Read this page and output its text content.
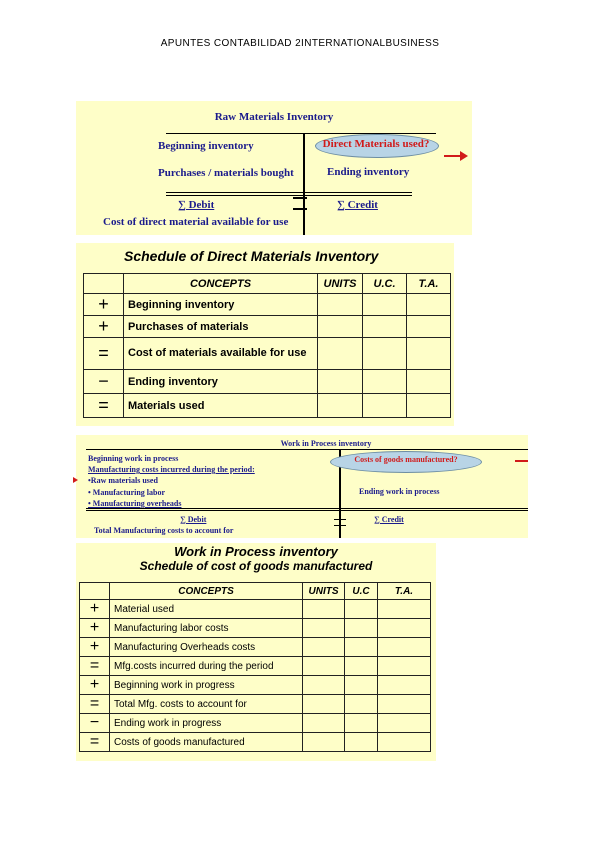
APUNTES CONTABILIDAD 2INTERNATIONALBUSINESS
Raw Materials Inventory
Beginning inventory
Purchases / materials bought
Direct Materials used?
Ending inventory
∑ Debit	∑ Credit
Cost of direct material available for use
Schedule of Direct Materials Inventory
	CONCEPTS	UNITS	U.C.	T.A.
+	Beginning inventory			
+	Purchases of materials			
=	Cost of materials available for use			
−	Ending inventory			
=	Materials used			
Work in Process inventory
Beginning work in process
Manufacturing costs incurred during the period:
•Raw materials used
• Manufacturing labor
• Manufacturing overheads
Costs of goods manufactured?
Ending work in process
∑ Debit	∑ Credit
Total Manufacturing costs to account for
Work in Process inventory
Schedule of cost of goods manufactured
	CONCEPTS	UNITS	U.C	T.A.
+	Material used			
+	Manufacturing labor costs			
+	Manufacturing Overheads costs			
=	Mfg.costs incurred during the period			
+	Beginning work in progress			
=	Total Mfg. costs to account for			
−	Ending work in progress			
=	Costs of goods manufactured			
